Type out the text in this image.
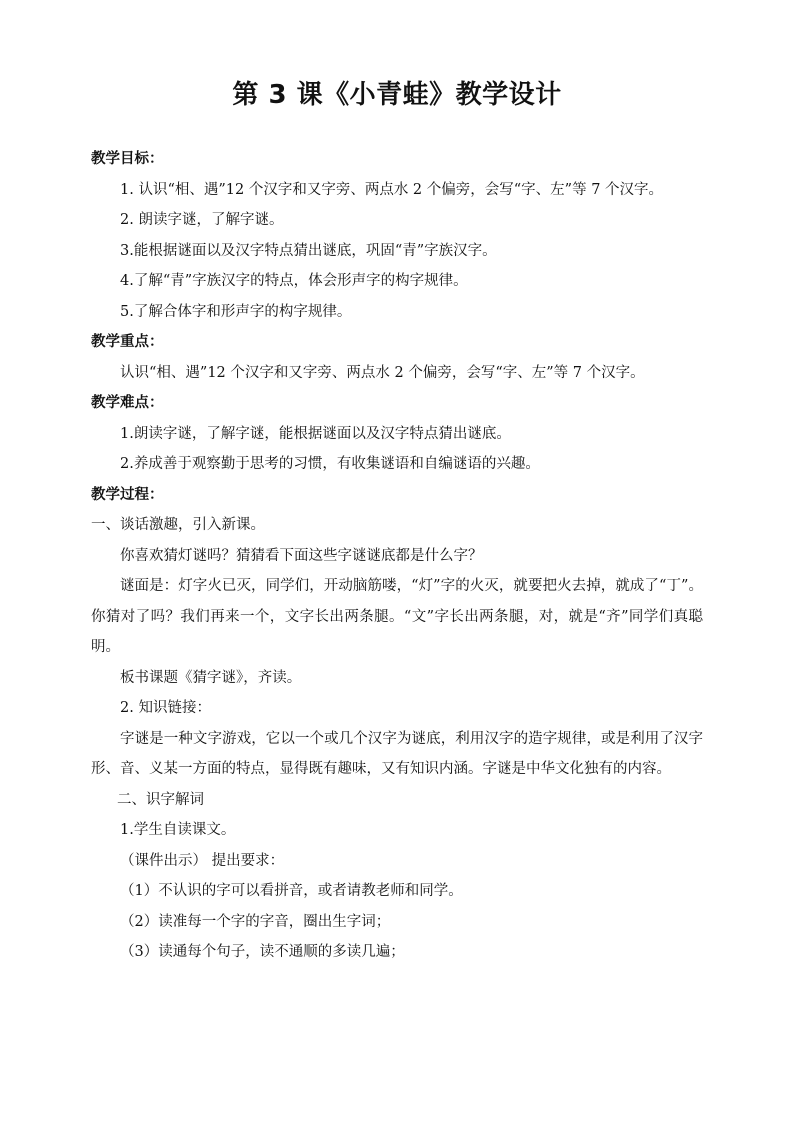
第 3 课《小青蛙》教学设计
教学目标：

1. 认识“相、遇”12 个汉字和又字旁、两点水 2 个偏旁，会写“字、左”等 7 个汉字。

2. 朗读字谜，了解字谜。
3.能根据谜面以及汉字特点猜出谜底，巩固“青”字族汉字。
4.了解“青”字族汉字的特点，体会形声字的构字规律。
5.了解合体字和形声字的构字规律。
教学重点：
认识“相、遇”12 个汉字和又字旁、两点水 2 个偏旁，会写“字、左”等 7 个汉字。
教学难点：
1.朗读字谜，了解字谜，能根据谜面以及汉字特点猜出谜底。
2.养成善于观察勤于思考的习惯，有收集谜语和自编谜语的兴趣。
教学过程：
一、谈话激趣，引入新课。
你喜欢猜灯谜吗？猜猜看下面这些字谜谜底都是什么字？

谜面是：灯字火已灭，同学们，开动脑筋喽，“灯”字的火灭，就要把火去掉，就成了“丁”。你猜对了吗？我们再来一个，文字长出两条腿。“文”字长出两条腿，对，就是“齐”同学们真聪明。

板书课题《猜字谜》，齐读。
2. 知识链接：

字谜是一种文字游戏，它以一个或几个汉字为谜底，利用汉字的造字规律，或是利用了汉字形、音、义某一方面的特点，显得既有趣味，又有知识内涵。字谜是中华文化独有的内容。

二、识字解词
1.学生自读课文。
（课件出示） 提出要求：
（1）不认识的字可以看拼音，或者请教老师和同学。
（2）读准每一个字的字音，圈出生字词；
（3）读通每个句子，读不通顺的多读几遍；
